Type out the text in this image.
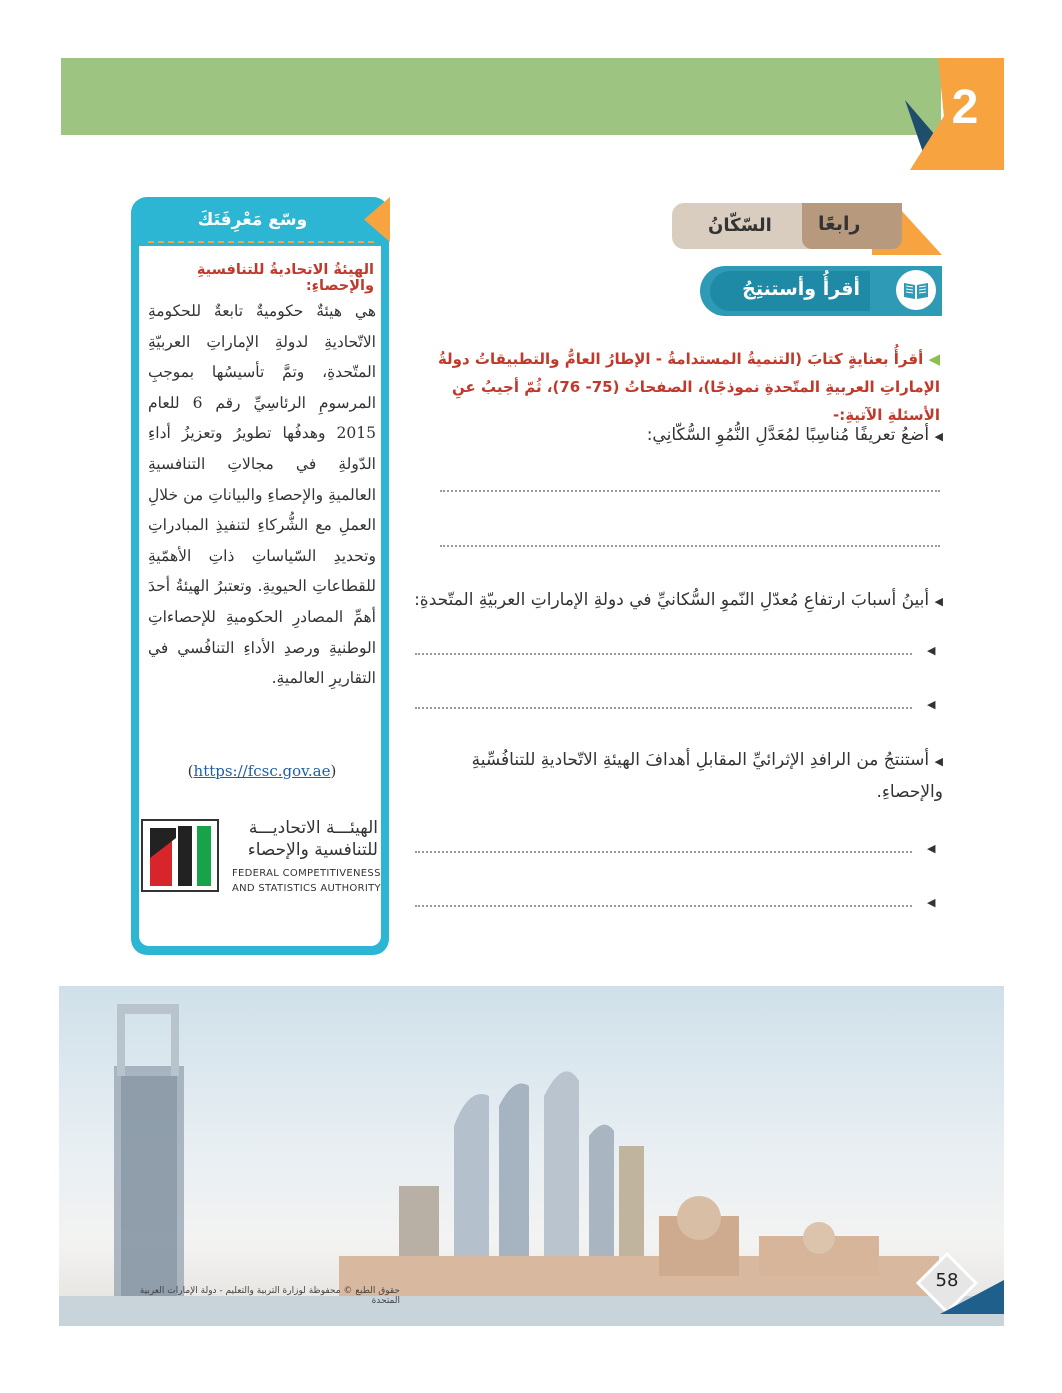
2
السّكّانُ رابعًا
أقرأُ وأستنتِجُ
◀ أقرأُ بعنايةٍ كتابَ (التنميةُ المستدامةُ - الإطارُ العامُّ والتطبيقاتُ دولةُ الإماراتِ العربيةِ المتّحدةِ نموذجًا)، الصفحاتُ (75- 76)، ثُمّ أجيبُ عنِ الأسئلةِ الآتيةِ:-
◀ أضعُ تعريفًا مُناسِبًا لمُعَدَّلِ النُّمُوِ السُّكّانِي:
◀ أبينُ أسبابَ ارتفاعِ مُعدّلِ النّموِ السُّكانيِّ في دولةِ الإماراتِ العربيّةِ المتّحدةِ:
◀
◀
◀ أستنتجُ من الرافدِ الإثرائيِّ المقابلِ أهدافَ الهيئةِ الاتّحاديةِ للتنافُسِّيةِ والإحصاءِ.
◀
◀
وسّع مَعْرِفَتَكَ
الهيئةُ الاتحاديةُ للتنافسيةِ والإحصاءِ:
هي هيئةٌ حكوميةٌ تابعةٌ للحكومةِ الاتّحاديةِ لدولةِ الإماراتِ العربيّةِ المتّحدةِ، وتمَّ تأسيسُها بموجبِ المرسومِ الرئاسِيِّ رقم 6 للعام 2015 وهدفُها تطويرُ وتعزيزُ أداءِ الدّولةِ في مجالاتِ التنافسيةِ العالميةِ والإحصاءِ والبياناتِ من خلالِ العملِ مع الشُّركاءِ لتنفيذِ المبادراتِ وتحديدِ السّياساتِ ذاتِ الأهمّيةِ للقطاعاتِ الحيويةِ. وتعتبرُ الهيئةُ أحدَ أهمِّ المصادرِ الحكوميةِ للإحصاءاتِ الوطنيةِ ورصدِ الأداءِ التنافُسي في التقاريرِ العالميةِ.
(https://fcsc.gov.ae)
الهيئـــة الاتحاديـــة
للتنافسية والإحصاء
FEDERAL COMPETITIVENESS
AND STATISTICS AUTHORITY
حقوق الطبع © محفوظة لوزارة التربية والتعليم - دولة الإمارات العربية المتحدة
58
